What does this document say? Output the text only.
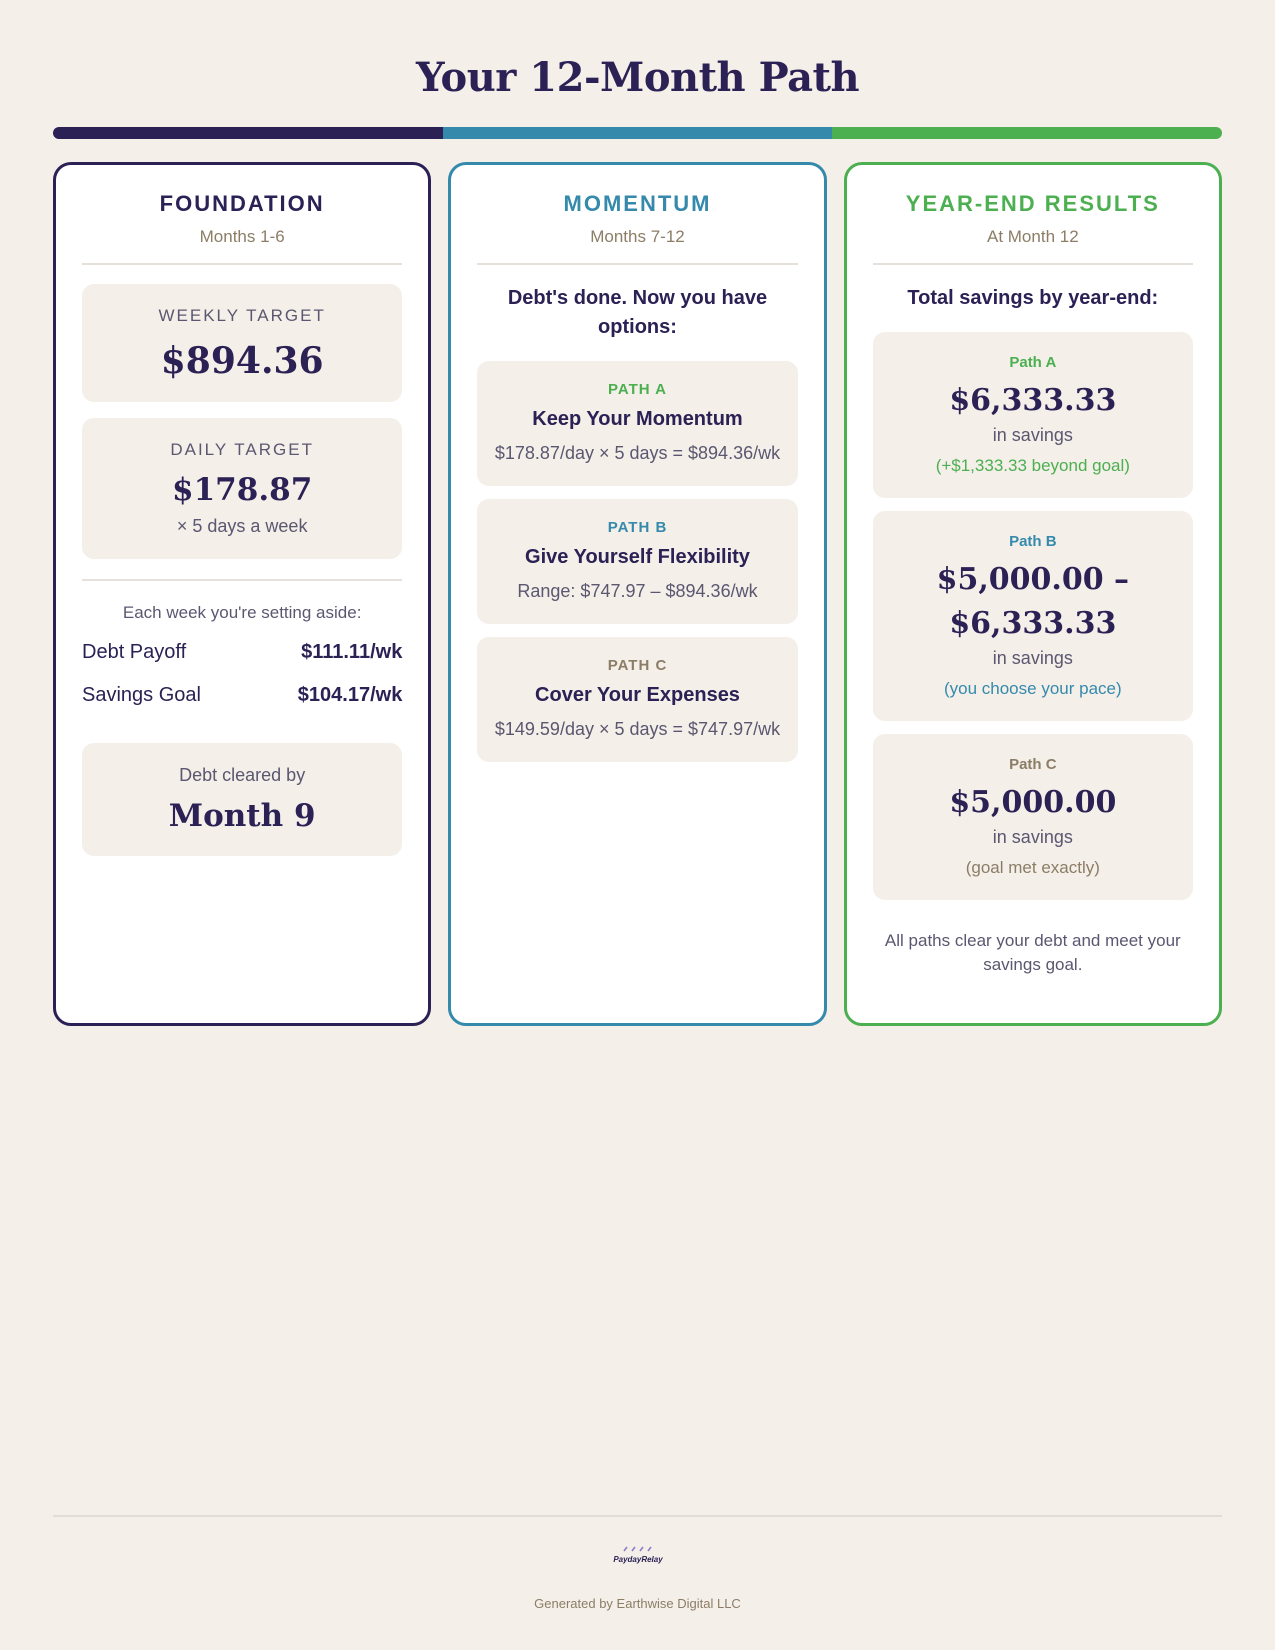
Your 12-Month Path
FOUNDATION
Months 1-6
WEEKLY TARGET
$894.36
DAILY TARGET
$178.87
× 5 days a week
Each week you're setting aside:
Debt Payoff	$111.11/wk
Savings Goal	$104.17/wk
Debt cleared by
Month 9
MOMENTUM
Months 7-12
Debt's done. Now you have options:
PATH A
Keep Your Momentum
$178.87/day × 5 days = $894.36/wk
PATH B
Give Yourself Flexibility
Range: $747.97 – $894.36/wk
PATH C
Cover Your Expenses
$149.59/day × 5 days = $747.97/wk
YEAR-END RESULTS
At Month 12
Total savings by year-end:
Path A
$6,333.33
in savings
(+$1,333.33 beyond goal)
Path B
$5,000.00 – $6,333.33
in savings
(you choose your pace)
Path C
$5,000.00
in savings
(goal met exactly)
All paths clear your debt and meet your savings goal.
PaydayRelay
Generated by Earthwise Digital LLC
